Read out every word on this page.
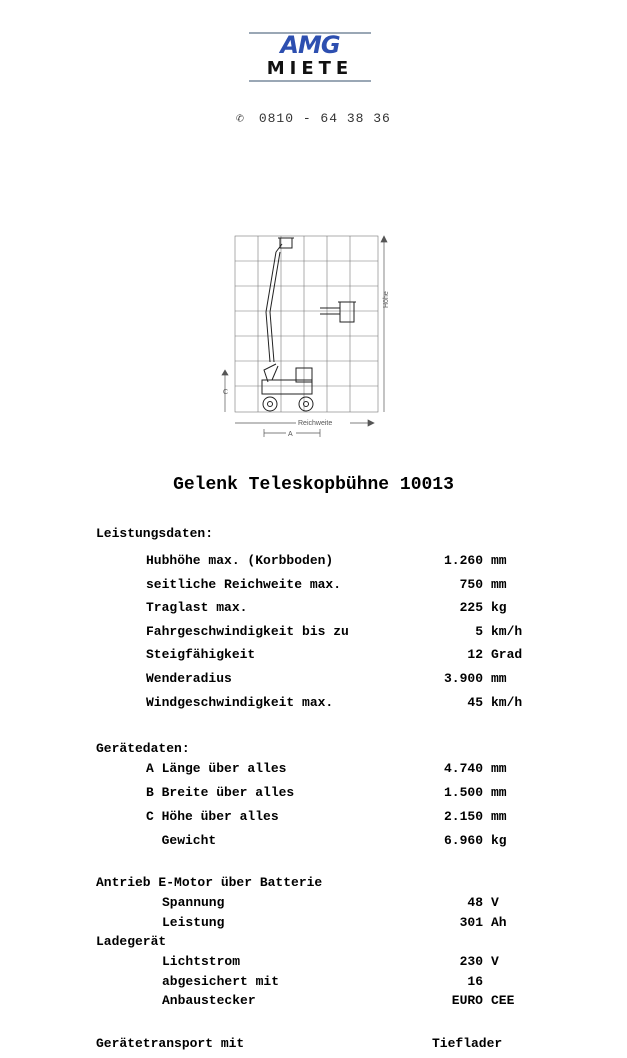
AMG
MIETE
✆ 0810 - 64 38 36
Höhe
C
Reichweite
A
Gelenk Teleskopbühne 10013
Leistungsdaten:
Hubhöhe max. (Korbboden)	1.260 mm
seitliche Reichweite max.	750 mm
Traglast max.	225 kg
Fahrgeschwindigkeit bis zu	5 km/h
Steigfähigkeit	12 Grad
Wenderadius	3.900 mm
Windgeschwindigkeit max.	45 km/h
Gerätedaten:
A Länge über alles	4.740 mm
B Breite über alles	1.500 mm
C Höhe über alles	2.150 mm
Gewicht	6.960 kg
Antrieb E-Motor über Batterie
Spannung	48 V
Leistung	301 Ah
Ladegerät
Lichtstrom	230 V
abgesichert mit	16
Anbaustecker	EURO CEE
Gerätetransport mit	Tieflader
